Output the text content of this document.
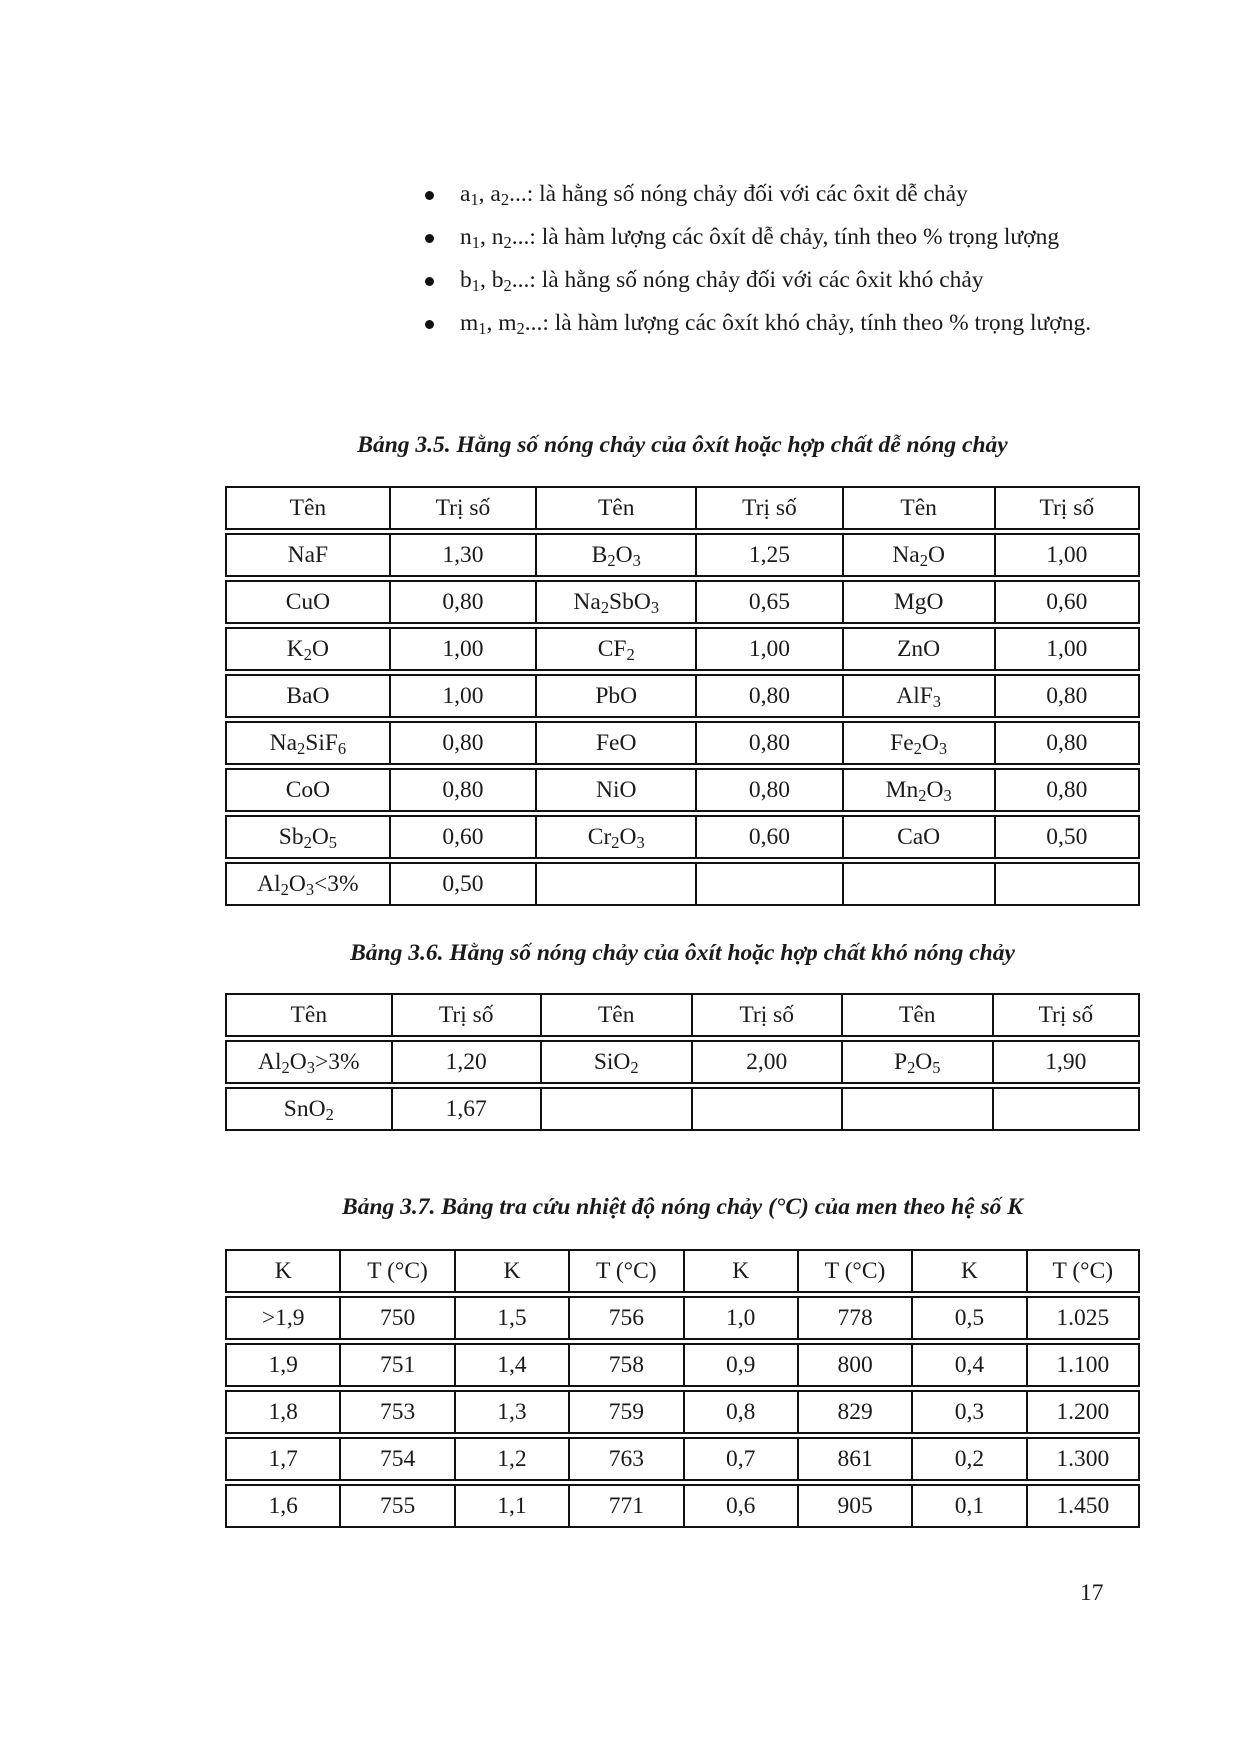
$a_1$, $a_2$...: là hằng số nóng chảy đối với các ôxit dễ chảy
$n_1$, $n_2$...: là hàm lượng các ôxít dễ chảy, tính theo % trọng lượng
$b_1$, $b_2$...: là hằng số nóng chảy đối với các ôxit khó chảy
$m_1$, $m_2$...: là hàm lượng các ôxít khó chảy, tính theo % trọng lượng.
Bảng 3.5. Hằng số nóng chảy của ôxít hoặc hợp chất dễ nóng chảy
Tên	Trị số	Tên	Trị số	Tên	Trị số

NaF	1,30	$B_2O_3$	1,25	$Na_2O$	1,00

CuO	0,80	$Na_2SbO_3$	0,65	MgO	0,60

$K_2O$	1,00	$CF_2$	1,00	ZnO	1,00

BaO	1,00	PbO	0,80	AlF$_3$	0,80

$Na_2SiF_6$	0,80	FeO	0,80	$Fe_2O_3$	0,80

CoO	0,80	NiO	0,80	$Mn_2O_3$	0,80

$Sb_2O_5$	0,60	$Cr_2O_3$	0,60	CaO	0,50

$Al_2O_3<3\%$	0,50				
Bảng 3.6. Hằng số nóng chảy của ôxít hoặc hợp chất khó nóng chảy
Tên	Trị số	Tên	Trị số	Tên	Trị số

$Al_2O_3>3\%$	1,20	SiO$_2$	2,00	$P_2O_5$	1,90

SnO$_2$	1,67				
Bảng 3.7. Bảng tra cứu nhiệt độ nóng chảy (°C) của men theo hệ số K
K	T (°C)	K	T (°C)	K	T (°C)	K	T (°C)

>1,9	750	1,5	756	1,0	778	0,5	1.025

1,9	751	1,4	758	0,9	800	0,4	1.100

1,8	753	1,3	759	0,8	829	0,3	1.200

1,7	754	1,2	763	0,7	861	0,2	1.300

1,6	755	1,1	771	0,6	905	0,1	1.450
17
